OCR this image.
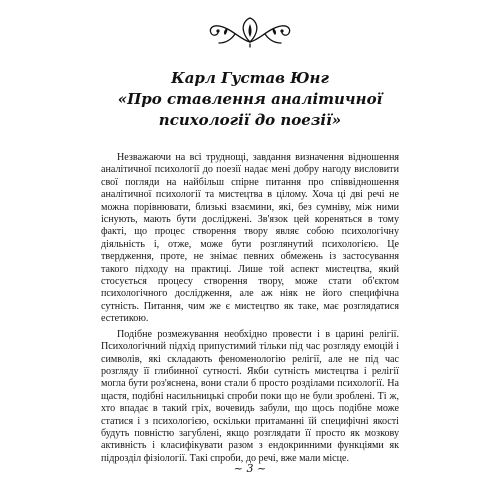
Карл Густав Юнг
«Про ставлення аналітичної
психології до поезії»

Незважаючи на всі труднощі, завдання визначення відношення аналітичної психології до поезії надає мені добру нагоду висловити свої погляди на найбільш спірне питання про співвідношення аналітичної психології та мистецтва в цілому. Хоча ці дві речі не можна порівнювати, близькі взаємини, які, без сумніву, між ними існують, мають бути досліджені. Зв'язок цей кореняться в тому факті, що процес створення твору являє собою психологічну діяльність і, отже, може бути розглянутий психологією. Це твердження, проте, не знімає певних обмежень із застосування такого підходу на практиці. Лише той аспект мистецтва, який стосується процесу створення твору, може стати об'єктом психологічного дослідження, але аж ніяк не його специфічна сутність. Питання, чим же є мистецтво як таке, має розглядатися естетикою.

Подібне розмежування необхідно провести і в царині релігії. Психологічний підхід припустимий тільки під час розгляду емоцій і символів, які складають феноменологію релігії, але не під час розгляду її глибинної сутності. Якби сутність мистецтва і релігії могла бути роз'яснена, вони стали б просто розділами психології. На щастя, подібні насильницькі спроби поки що не були зроблені. Ті ж, хто впадає в такий гріх, вочевидь забули, що щось подібне може статися і з психологією, оскільки притаманні їй специфічні якості будуть повністю загублені, якщо розглядати її просто як мозкову активність і класифікувати разом з ендокринними функціями як підрозділ фізіології. Такі спроби, до речі, вже мали місце.

~ 3 ~
